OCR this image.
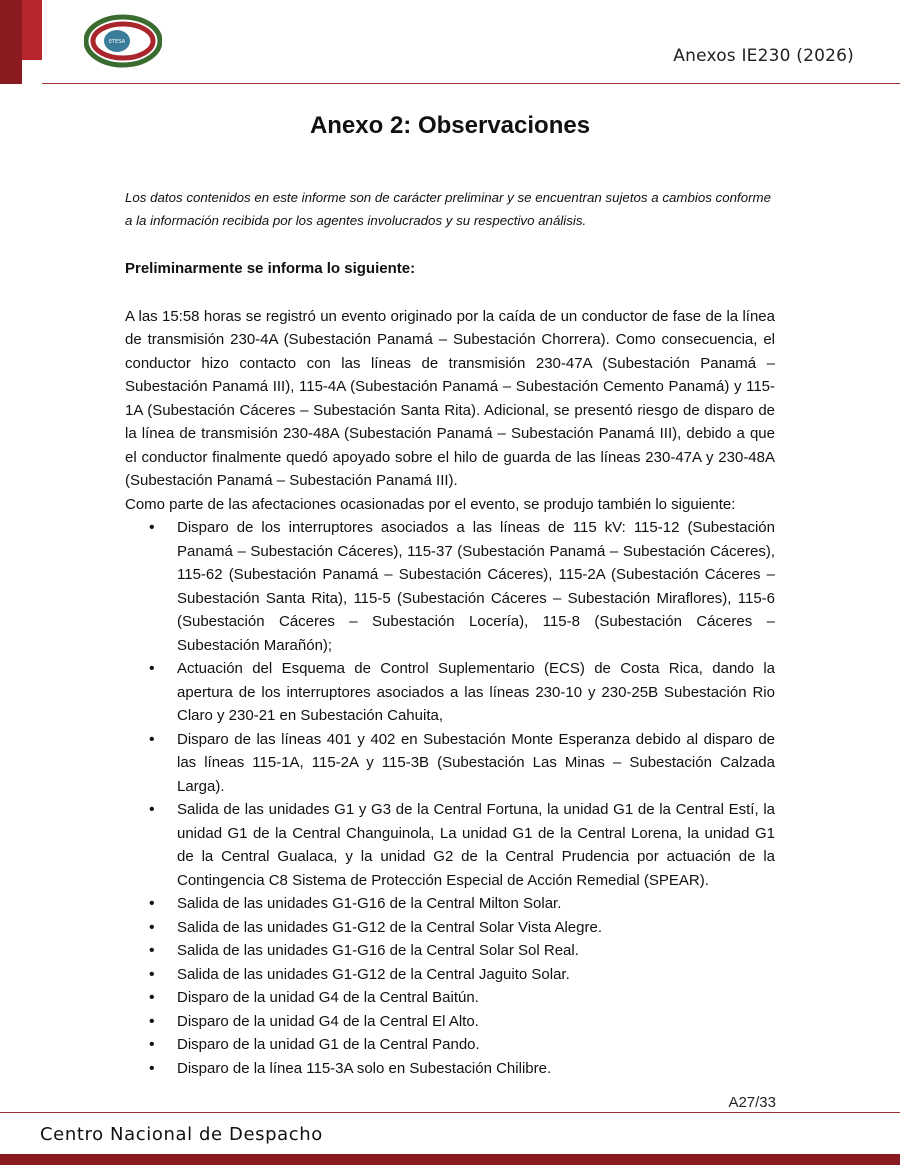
ETESA
Anexos IE230 (2026)
Anexo 2: Observaciones

Los datos contenidos en este informe son de carácter preliminar y se encuentran sujetos a cambios conforme a la información recibida por los agentes involucrados y su respectivo análisis.

Preliminarmente se informa lo siguiente:

A las 15:58 horas se registró un evento originado por la caída de un conductor de fase de la línea de transmisión 230-4A (Subestación Panamá – Subestación Chorrera). Como consecuencia, el conductor hizo contacto con las líneas de transmisión 230-47A (Subestación Panamá – Subestación Panamá III), 115-4A (Subestación Panamá – Subestación Cemento Panamá) y 115-1A (Subestación Cáceres – Subestación Santa Rita). Adicional, se presentó riesgo de disparo de la línea de transmisión 230-48A (Subestación Panamá – Subestación Panamá III), debido a que el conductor finalmente quedó apoyado sobre el hilo de guarda de las líneas 230-47A y 230-48A (Subestación Panamá – Subestación Panamá III).

Como parte de las afectaciones ocasionadas por el evento, se produjo también lo siguiente:

• Disparo de los interruptores asociados a las líneas de 115 kV: 115-12 (Subestación Panamá – Subestación Cáceres), 115-37 (Subestación Panamá – Subestación Cáceres), 115-62 (Subestación Panamá – Subestación Cáceres), 115-2A (Subestación Cáceres – Subestación Santa Rita), 115-5 (Subestación Cáceres – Subestación Miraflores), 115-6 (Subestación Cáceres – Subestación Locería), 115-8 (Subestación Cáceres – Subestación Marañón);
• Actuación del Esquema de Control Suplementario (ECS) de Costa Rica, dando la apertura de los interruptores asociados a las líneas 230-10 y 230-25B Subestación Rio Claro y 230-21 en Subestación Cahuita,
• Disparo de las líneas 401 y 402 en Subestación Monte Esperanza debido al disparo de las líneas 115-1A, 115-2A y 115-3B (Subestación Las Minas – Subestación Calzada Larga).
• Salida de las unidades G1 y G3 de la Central Fortuna, la unidad G1 de la Central Estí, la unidad G1 de la Central Changuinola, La unidad G1 de la Central Lorena, la unidad G1 de la Central Gualaca, y la unidad G2 de la Central Prudencia por actuación de la Contingencia C8 Sistema de Protección Especial de Acción Remedial (SPEAR).
• Salida de las unidades G1-G16 de la Central Milton Solar.
• Salida de las unidades G1-G12 de la Central Solar Vista Alegre.
• Salida de las unidades G1-G16 de la Central Solar Sol Real.
• Salida de las unidades G1-G12 de la Central Jaguito Solar.
• Disparo de la unidad G4 de la Central Baitún.
• Disparo de la unidad G4 de la Central El Alto.
• Disparo de la unidad G1 de la Central Pando.
• Disparo de la línea 115-3A solo en Subestación Chilibre.
A27/33
Centro Nacional de Despacho
